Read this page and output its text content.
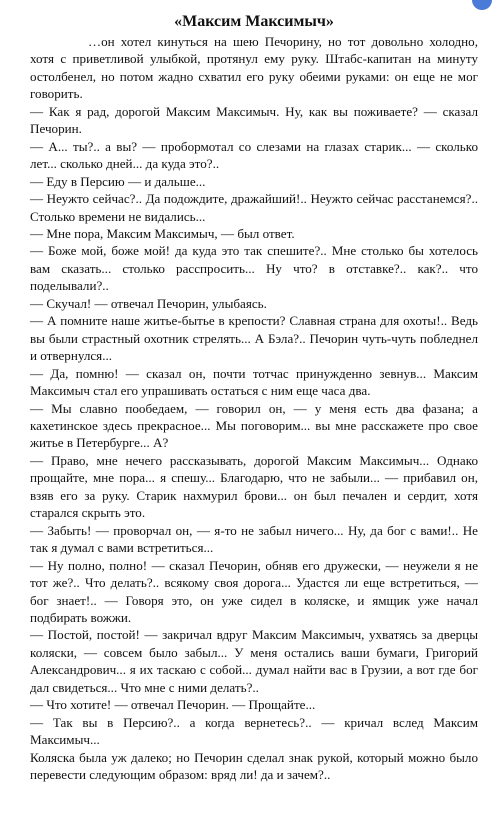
«Максим Максимыч»

…он хотел кинуться на шею Печорину, но тот довольно холодно, хотя с приветливой улыбкой, протянул ему руку. Штабс-капитан на минуту остолбенел, но потом жадно схватил его руку обеими руками: он еще не мог говорить.

— Как я рад, дорогой Максим Максимыч. Ну, как вы поживаете? — сказал Печорин.

— А... ты?.. а вы? — пробормотал со слезами на глазах старик... — сколько лет... сколько дней... да куда это?..

— Еду в Персию — и дальше...

— Неужто сейчас?.. Да подождите, дражайший!.. Неужто сейчас расстанемся?.. Столько времени не видались...

— Мне пора, Максим Максимыч, — был ответ.

— Боже мой, боже мой! да куда это так спешите?.. Мне столько бы хотелось вам сказать... столько расспросить... Ну что? в отставке?.. как?.. что поделывали?..

— Скучал! — отвечал Печорин, улыбаясь.

— А помните наше житье-бытье в крепости? Славная страна для охоты!.. Ведь вы были страстный охотник стрелять... А Бэла?.. Печорин чуть-чуть побледнел и отвернулся...

— Да, помню! — сказал он, почти тотчас принужденно зевнув... Максим Максимыч стал его упрашивать остаться с ним еще часа два.

— Мы славно пообедаем, — говорил он, — у меня есть два фазана; а кахетинское здесь прекрасное... Мы поговорим... вы мне расскажете про свое житье в Петербурге... А?

— Право, мне нечего рассказывать, дорогой Максим Максимыч... Однако прощайте, мне пора... я спешу... Благодарю, что не забыли... — прибавил он, взяв его за руку. Старик нахмурил брови... он был печален и сердит, хотя старался скрыть это.

— Забыть! — проворчал он, — я-то не забыл ничего... Ну, да бог с вами!.. Не так я думал с вами встретиться...

— Ну полно, полно! — сказал Печорин, обняв его дружески, — неужели я не тот же?.. Что делать?.. всякому своя дорога... Удастся ли еще встретиться, — бог знает!.. — Говоря это, он уже сидел в коляске, и ямщик уже начал подбирать вожжи.

— Постой, постой! — закричал вдруг Максим Максимыч, ухватясь за дверцы коляски, — совсем было забыл... У меня остались ваши бумаги, Григорий Александрович... я их таскаю с собой... думал найти вас в Грузии, а вот где бог дал свидеться... Что мне с ними делать?..

— Что хотите! — отвечал Печорин. — Прощайте...

— Так вы в Персию?.. а когда вернетесь?.. — кричал вслед Максим Максимыч...

Коляска была уж далеко; но Печорин сделал знак рукой, который можно было перевести следующим образом: вряд ли! да и зачем?..
